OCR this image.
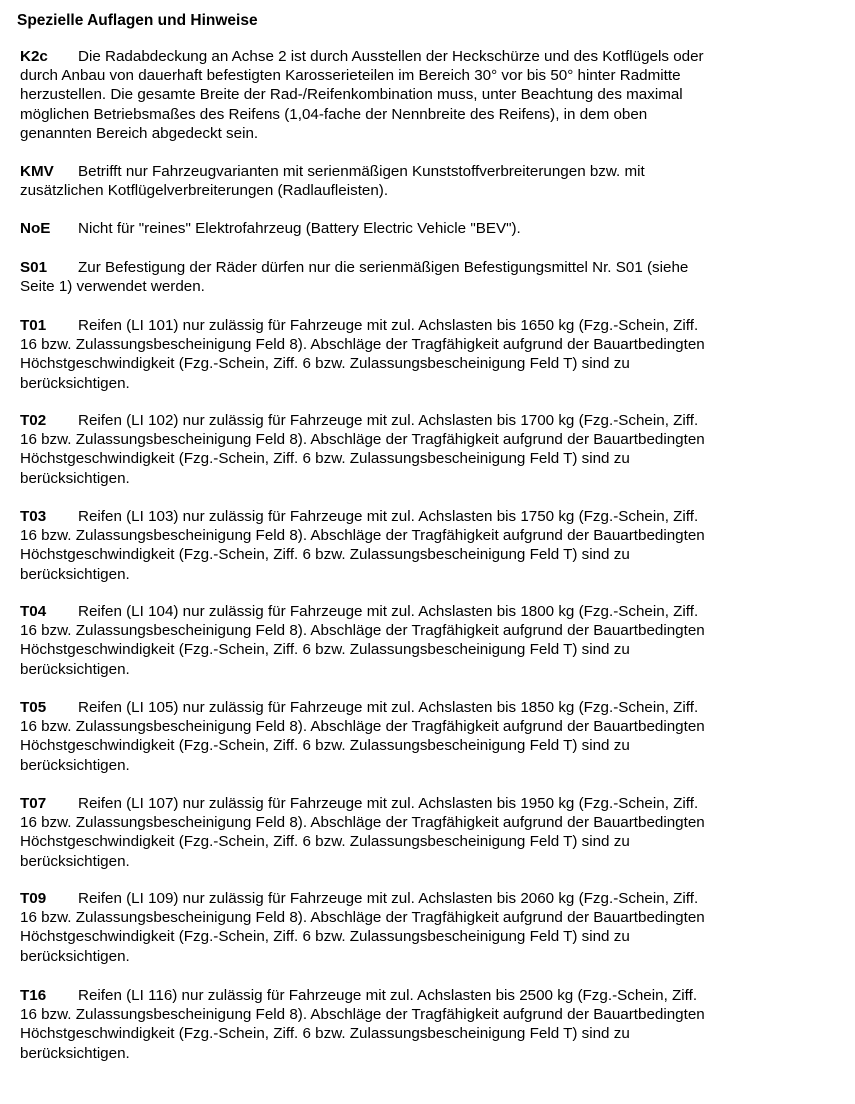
Spezielle Auflagen und Hinweise
K2c Die Radabdeckung an Achse 2 ist durch Ausstellen der Heckschürze und des Kotflügels oder
durch Anbau von dauerhaft befestigten Karosserieteilen im Bereich 30° vor bis 50° hinter Radmitte
herzustellen. Die gesamte Breite der Rad-/Reifenkombination muss, unter Beachtung des maximal
möglichen Betriebsmaßes des Reifens (1,04-fache der Nennbreite des Reifens), in dem oben
genannten Bereich abgedeckt sein.
KMV Betrifft nur Fahrzeugvarianten mit serienmäßigen Kunststoffverbreiterungen bzw. mit
zusätzlichen Kotflügelverbreiterungen (Radlaufleisten).
NoE Nicht für "reines" Elektrofahrzeug (Battery Electric Vehicle "BEV").
S01 Zur Befestigung der Räder dürfen nur die serienmäßigen Befestigungsmittel Nr. S01 (siehe
Seite 1) verwendet werden.
T01 Reifen (LI 101) nur zulässig für Fahrzeuge mit zul. Achslasten bis 1650 kg (Fzg.-Schein, Ziff.
16 bzw. Zulassungsbescheinigung Feld 8). Abschläge der Tragfähigkeit aufgrund der Bauartbedingten
Höchstgeschwindigkeit (Fzg.-Schein, Ziff. 6 bzw. Zulassungsbescheinigung Feld T) sind zu
berücksichtigen.
T02 Reifen (LI 102) nur zulässig für Fahrzeuge mit zul. Achslasten bis 1700 kg (Fzg.-Schein, Ziff.
16 bzw. Zulassungsbescheinigung Feld 8). Abschläge der Tragfähigkeit aufgrund der Bauartbedingten
Höchstgeschwindigkeit (Fzg.-Schein, Ziff. 6 bzw. Zulassungsbescheinigung Feld T) sind zu
berücksichtigen.
T03 Reifen (LI 103) nur zulässig für Fahrzeuge mit zul. Achslasten bis 1750 kg (Fzg.-Schein, Ziff.
16 bzw. Zulassungsbescheinigung Feld 8). Abschläge der Tragfähigkeit aufgrund der Bauartbedingten
Höchstgeschwindigkeit (Fzg.-Schein, Ziff. 6 bzw. Zulassungsbescheinigung Feld T) sind zu
berücksichtigen.
T04 Reifen (LI 104) nur zulässig für Fahrzeuge mit zul. Achslasten bis 1800 kg (Fzg.-Schein, Ziff.
16 bzw. Zulassungsbescheinigung Feld 8). Abschläge der Tragfähigkeit aufgrund der Bauartbedingten
Höchstgeschwindigkeit (Fzg.-Schein, Ziff. 6 bzw. Zulassungsbescheinigung Feld T) sind zu
berücksichtigen.
T05 Reifen (LI 105) nur zulässig für Fahrzeuge mit zul. Achslasten bis 1850 kg (Fzg.-Schein, Ziff.
16 bzw. Zulassungsbescheinigung Feld 8). Abschläge der Tragfähigkeit aufgrund der Bauartbedingten
Höchstgeschwindigkeit (Fzg.-Schein, Ziff. 6 bzw. Zulassungsbescheinigung Feld T) sind zu
berücksichtigen.
T07 Reifen (LI 107) nur zulässig für Fahrzeuge mit zul. Achslasten bis 1950 kg (Fzg.-Schein, Ziff.
16 bzw. Zulassungsbescheinigung Feld 8). Abschläge der Tragfähigkeit aufgrund der Bauartbedingten
Höchstgeschwindigkeit (Fzg.-Schein, Ziff. 6 bzw. Zulassungsbescheinigung Feld T) sind zu
berücksichtigen.
T09 Reifen (LI 109) nur zulässig für Fahrzeuge mit zul. Achslasten bis 2060 kg (Fzg.-Schein, Ziff.
16 bzw. Zulassungsbescheinigung Feld 8). Abschläge der Tragfähigkeit aufgrund der Bauartbedingten
Höchstgeschwindigkeit (Fzg.-Schein, Ziff. 6 bzw. Zulassungsbescheinigung Feld T) sind zu
berücksichtigen.
T16 Reifen (LI 116) nur zulässig für Fahrzeuge mit zul. Achslasten bis 2500 kg (Fzg.-Schein, Ziff.
16 bzw. Zulassungsbescheinigung Feld 8). Abschläge der Tragfähigkeit aufgrund der Bauartbedingten
Höchstgeschwindigkeit (Fzg.-Schein, Ziff. 6 bzw. Zulassungsbescheinigung Feld T) sind zu
berücksichtigen.
